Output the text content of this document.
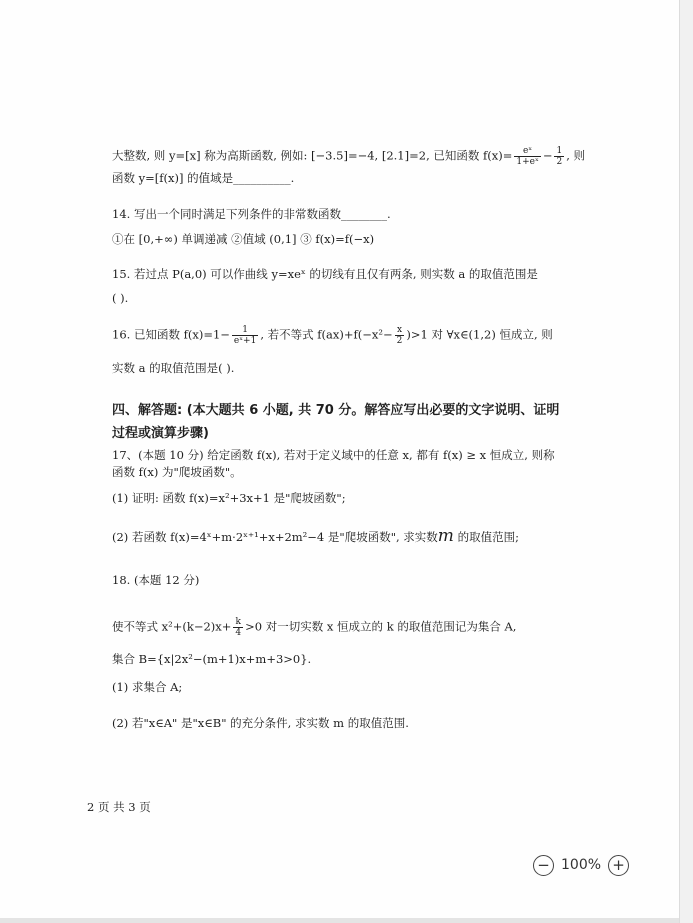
大整数, 则 y=[x] 称为高斯函数, 例如: [−3.5]=−4, [2.1]=2, 已知函数 $f(x)= \frac{\text{eˣ}}{\text{1+eˣ}} - \frac{1}{2}$ , 则
函数 y=[f(x)] 的值域是__________.
14. 写出一个同时满足下列条件的非常数函数________.
①在 [0,+∞) 单调递减 ②值域 (0,1] ③ f(x)=f(−x)
15. 若过点 P(a,0) 可以作曲线 y=xeˣ 的切线有且仅有两条, 则实数 a 的取值范围是
( ).
16. 已知函数 $f(x)=1- \frac{1}{\text{eˣ+1}}$ , 若不等式 $f(ax)+f(-x^2- \frac{x}{2} )>1$ 对 ∀x∈(1,2) 恒成立, 则
实数 a 的取值范围是( ).
四、解答题: (本大题共 6 小题, 共 70 分。解答应写出必要的文字说明、证明
过程或演算步骤)
17、(本题 10 分) 给定函数 f(x), 若对于定义域中的任意 x, 都有 f(x) ≥ x 恒成立, 则称
函数 f(x) 为"爬坡函数"。
(1) 证明: 函数 f(x)=x²+3x+1 是"爬坡函数";
(2) 若函数 f(x)=4ˣ+m·2ˣ⁺¹+x+2m²−4 是"爬坡函数", 求实数m 的取值范围;
18. (本题 12 分)
使不等式 $x^2+(k-2)x+ \frac{k}{4} >0$ 对一切实数 x 恒成立的 k 的取值范围记为集合 A,
集合 B={x|2x²−(m+1)x+m+3>0}.
(1) 求集合 A;
(2) 若"x∈A" 是"x∈B" 的充分条件, 求实数 m 的取值范围.
2 页 共 3 页
− 100% +
